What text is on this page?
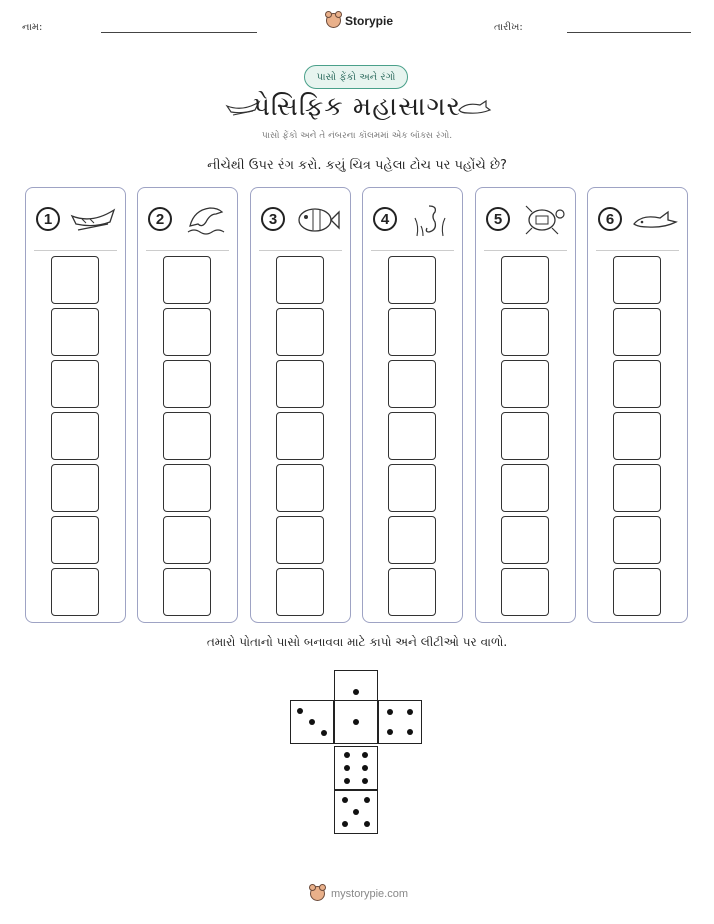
નામ:	Storypie	તારીખ:
પાસો ફેંકો અને રંગો
પેસિફિક મહાસાગર
પાસો ફેંકો અને તે નંબરના કૉલમમાં એક બૉક્સ રંગો.
નીચેથી ઉપર રંગ કરો. કયું ચિત્ર પહેલા ટોચ પર પહોંચે છે?
1	2	3	4	5	6
તમારો પોતાનો પાસો બનાવવા માટે કાપો અને લીટીઓ પર વાળો.
mystorypie.com
